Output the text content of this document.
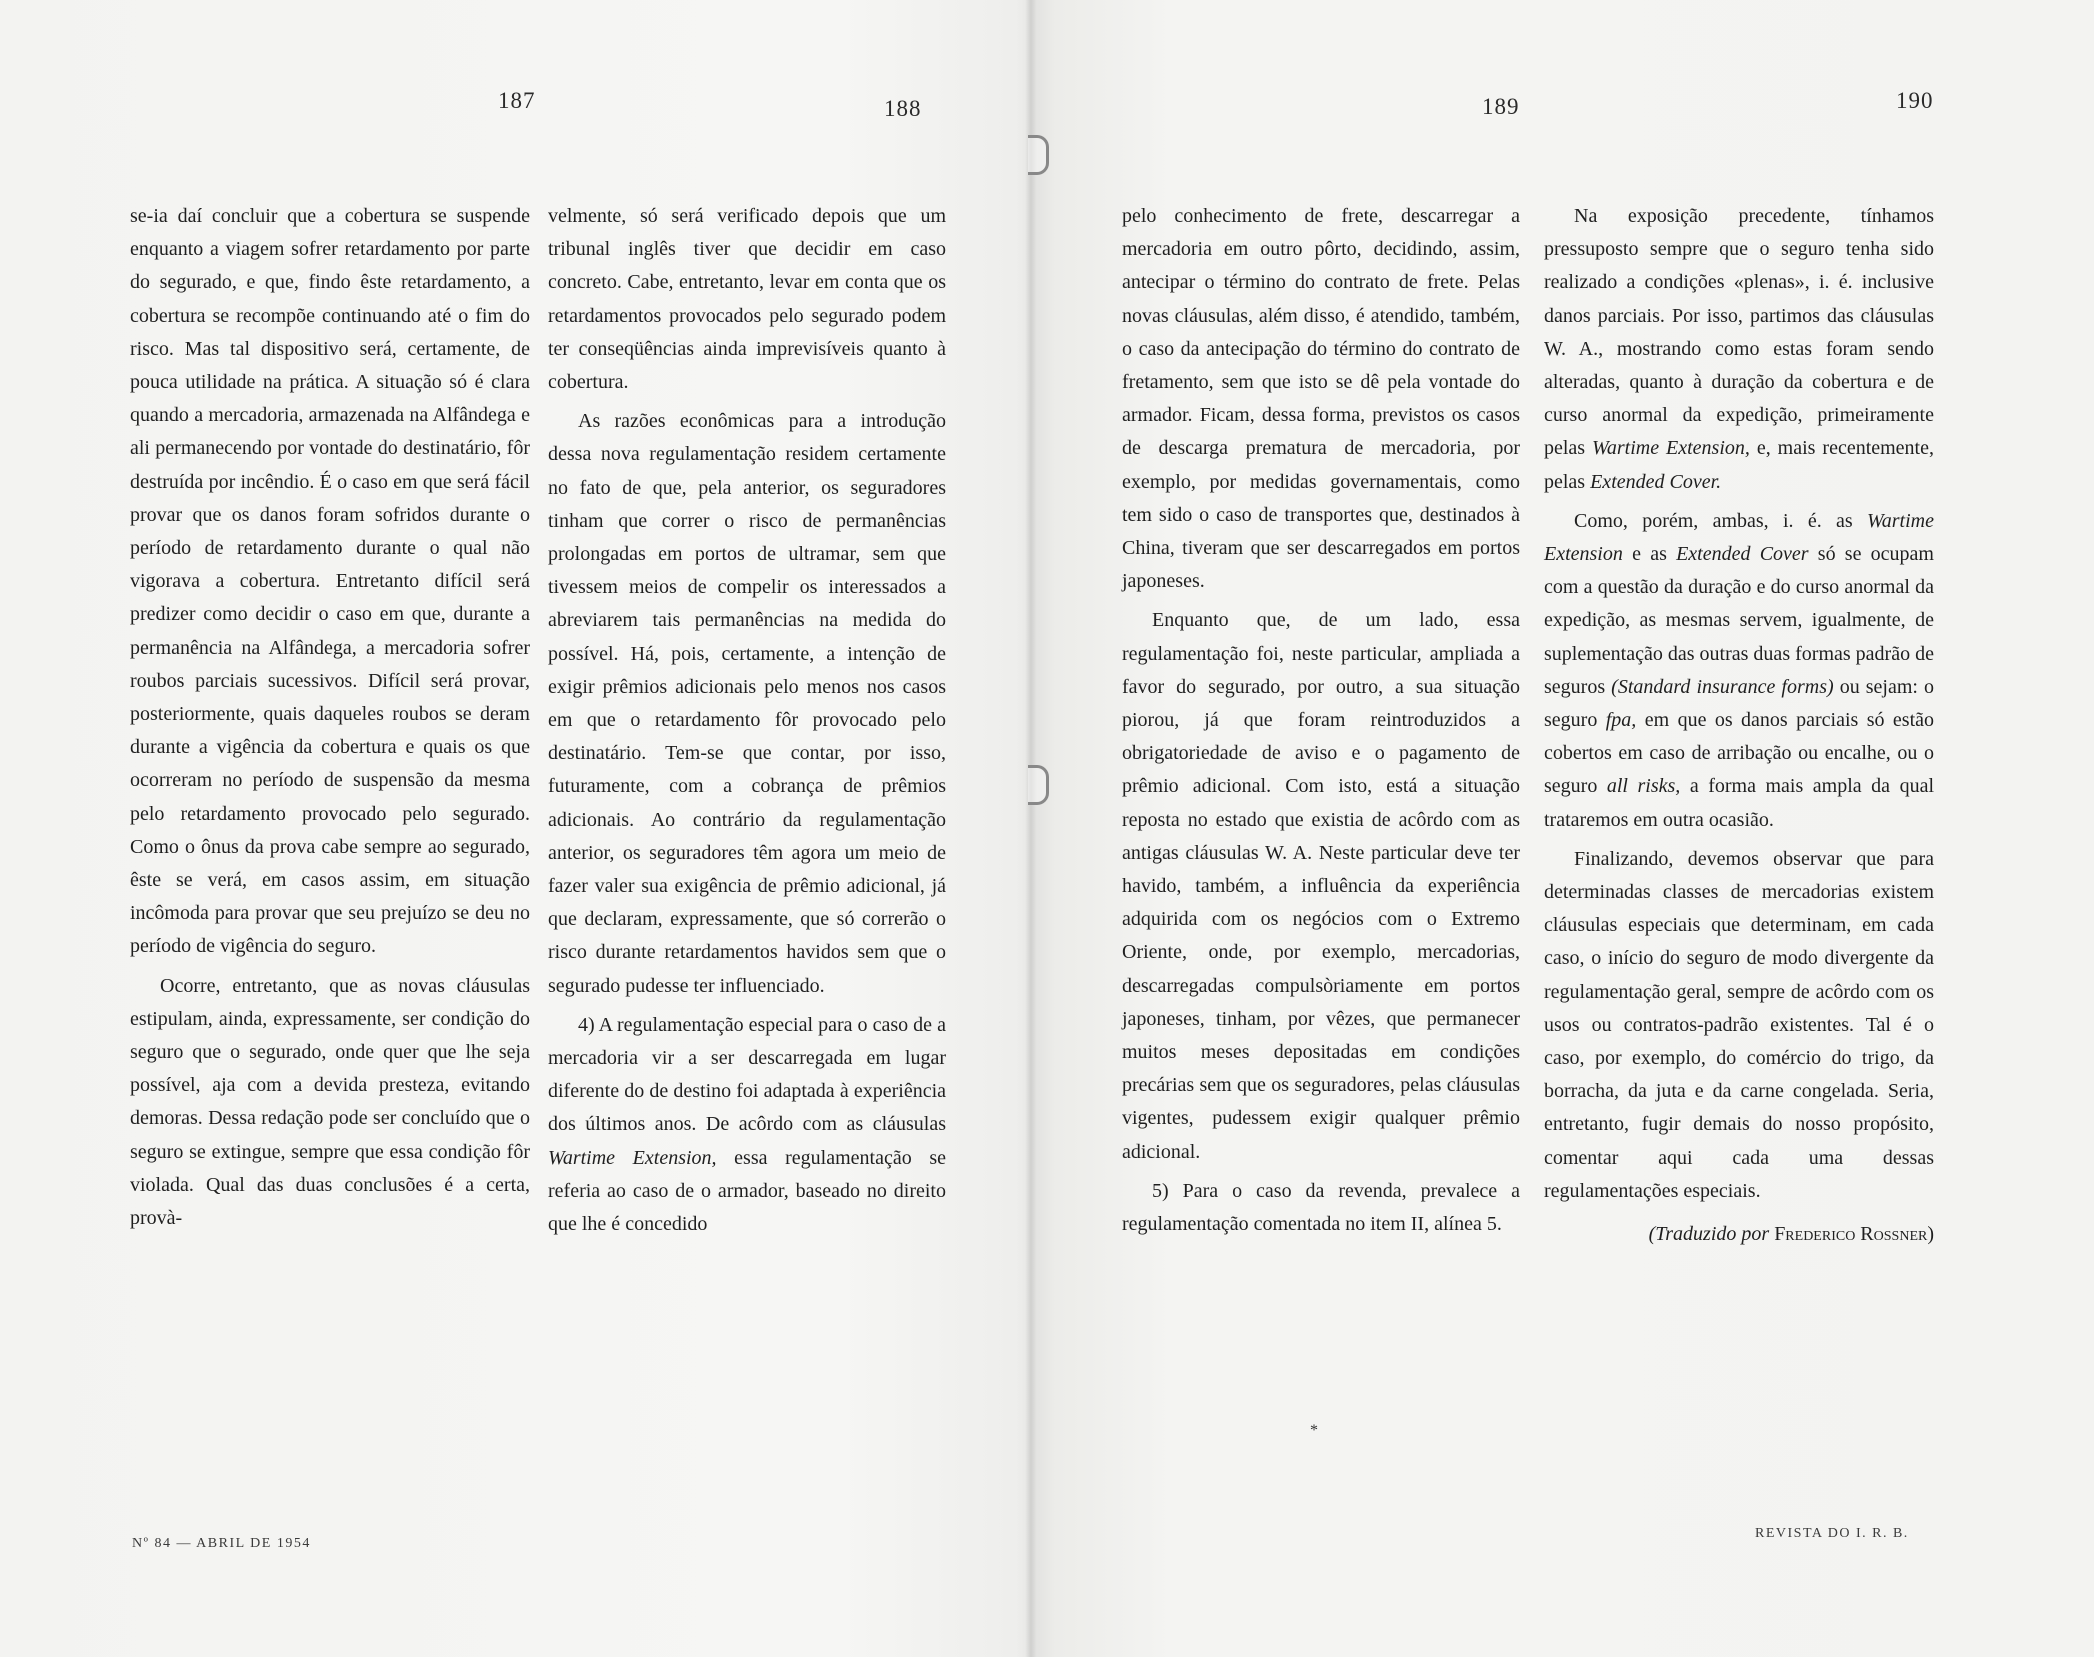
187	188	189	190

se-ia daí concluir que a cobertura se suspende enquanto a viagem sofrer retardamento por parte do segurado, e que, findo êste retardamento, a cobertura se recompõe continuando até o fim do risco. Mas tal dispositivo será, certamente, de pouca utilidade na prática. A situação só é clara quando a mercadoria, armazenada na Alfândega e ali permanecendo por vontade do destinatário, fôr destruída por incêndio. É o caso em que será fácil provar que os danos foram sofridos durante o período de retardamento durante o qual não vigorava a cobertura. Entretanto difícil será predizer como decidir o caso em que, durante a permanência na Alfândega, a mercadoria sofrer roubos parciais sucessivos. Difícil será provar, posteriormente, quais daqueles roubos se deram durante a vigência da cobertura e quais os que ocorreram no período de suspensão da mesma pelo retardamento provocado pelo segurado. Como o ônus da prova cabe sempre ao segurado, êste se verá, em casos assim, em situação incômoda para provar que seu prejuízo se deu no período de vigência do seguro.

Ocorre, entretanto, que as novas cláusulas estipulam, ainda, expressamente, ser condição do seguro que o segurado, onde quer que lhe seja possível, aja com a devida presteza, evitando demoras. Dessa redação pode ser concluído que o seguro se extingue, sempre que essa condição fôr violada. Qual das duas conclusões é a certa, provà-

velmente, só será verificado depois que um tribunal inglês tiver que decidir em caso concreto. Cabe, entretanto, levar em conta que os retardamentos provocados pelo segurado podem ter conseqüências ainda imprevisíveis quanto à cobertura.

As razões econômicas para a introdução dessa nova regulamentação residem certamente no fato de que, pela anterior, os seguradores tinham que correr o risco de permanências prolongadas em portos de ultramar, sem que tivessem meios de compelir os interessados a abreviarem tais permanências na medida do possível. Há, pois, certamente, a intenção de exigir prêmios adicionais pelo menos nos casos em que o retardamento fôr provocado pelo destinatário. Tem-se que contar, por isso, futuramente, com a cobrança de prêmios adicionais. Ao contrário da regulamentação anterior, os seguradores têm agora um meio de fazer valer sua exigência de prêmio adicional, já que declaram, expressamente, que só correrão o risco durante retardamentos havidos sem que o segurado pudesse ter influenciado.

4) A regulamentação especial para o caso de a mercadoria vir a ser descarregada em lugar diferente do de destino foi adaptada à experiência dos últimos anos. De acôrdo com as cláusulas Wartime Extension, essa regulamentação se referia ao caso de o armador, baseado no direito que lhe é concedido

pelo conhecimento de frete, descarregar a mercadoria em outro pôrto, decidindo, assim, antecipar o término do contrato de frete. Pelas novas cláusulas, além disso, é atendido, também, o caso da antecipação do término do contrato de fretamento, sem que isto se dê pela vontade do armador. Ficam, dessa forma, previstos os casos de descarga prematura de mercadoria, por exemplo, por medidas governamentais, como tem sido o caso de transportes que, destinados à China, tiveram que ser descarregados em portos japoneses.

Enquanto que, de um lado, essa regulamentação foi, neste particular, ampliada a favor do segurado, por outro, a sua situação piorou, já que foram reintroduzidos a obrigatoriedade de aviso e o pagamento de prêmio adicional. Com isto, está a situação reposta no estado que existia de acôrdo com as antigas cláusulas W. A. Neste particular deve ter havido, também, a influência da experiência adquirida com os negócios com o Extremo Oriente, onde, por exemplo, mercadorias, descarregadas compulsòriamente em portos japoneses, tinham, por vêzes, que permanecer muitos meses depositadas em condições precárias sem que os seguradores, pelas cláusulas vigentes, pudessem exigir qualquer prêmio adicional.

5) Para o caso da revenda, prevalece a regulamentação comentada no item II, alínea 5.

Na exposição precedente, tínhamos pressuposto sempre que o seguro tenha sido realizado a condições «plenas», i. é. inclusive danos parciais. Por isso, partimos das cláusulas W. A., mostrando como estas foram sendo alteradas, quanto à duração da cobertura e de curso anormal da expedição, primeiramente pelas Wartime Extension, e, mais recentemente, pelas Extended Cover.

Como, porém, ambas, i. é. as Wartime Extension e as Extended Cover só se ocupam com a questão da duração e do curso anormal da expedição, as mesmas servem, igualmente, de suplementação das outras duas formas padrão de seguros (Standard insurance forms) ou sejam: o seguro fpa, em que os danos parciais só estão cobertos em caso de arribação ou encalhe, ou o seguro all risks, a forma mais ampla da qual trataremos em outra ocasião.

Finalizando, devemos observar que para determinadas classes de mercadorias existem cláusulas especiais que determinam, em cada caso, o início do seguro de modo divergente da regulamentação geral, sempre de acôrdo com os usos ou contratos-padrão existentes. Tal é o caso, por exemplo, do comércio do trigo, da borracha, da juta e da carne congelada. Seria, entretanto, fugir demais do nosso propósito, comentar aqui cada uma dessas regulamentações especiais.

(Traduzido por Frederico Rossner)

*
Nº 84 — ABRIL DE 1954
REVISTA DO I. R. B.
